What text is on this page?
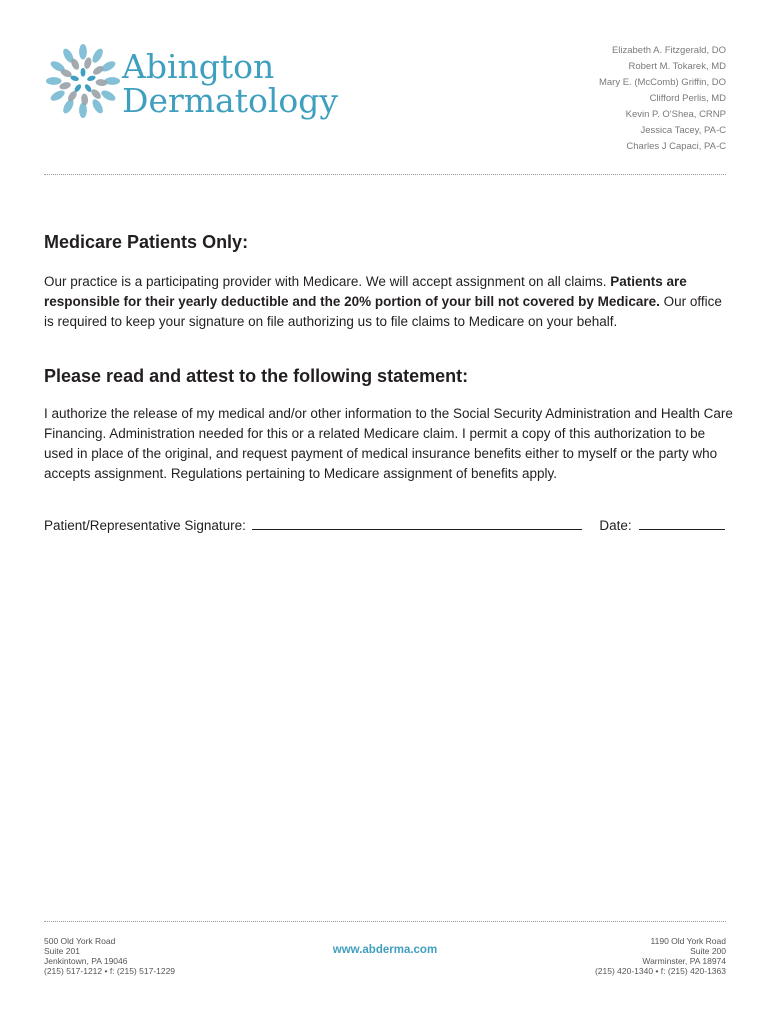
Abington
Dermatology
Elizabeth A. Fitzgerald, DO
Robert M. Tokarek, MD
Mary E. (McComb) Griffin, DO
Clifford Perlis, MD
Kevin P. O'Shea, CRNP
Jessica Tacey, PA-C
Charles J Capaci, PA-C
Medicare Patients Only:

Our practice is a participating provider with Medicare. We will accept assignment on all claims. Patients are responsible for their yearly deductible and the 20% portion of your bill not covered by Medicare. Our office is required to keep your signature on file authorizing us to file claims to Medicare on your behalf.

Please read and attest to the following statement:

I authorize the release of my medical and/or other information to the Social Security Administration and Health Care Financing. Administration needed for this or a related Medicare claim. I permit a copy of this authorization to be used in place of the original, and request payment of medical insurance benefits either to myself or the party who accepts assignment. Regulations pertaining to Medicare assignment of benefits apply.

Patient/Representative Signature:	Date:
500 Old York Road
Suite 201
Jenkintown, PA 19046
(215) 517-1212 • f: (215) 517-1229
www.abderma.com
1190 Old York Road
Suite 200
Warminster, PA 18974
(215) 420-1340 • f: (215) 420-1363
